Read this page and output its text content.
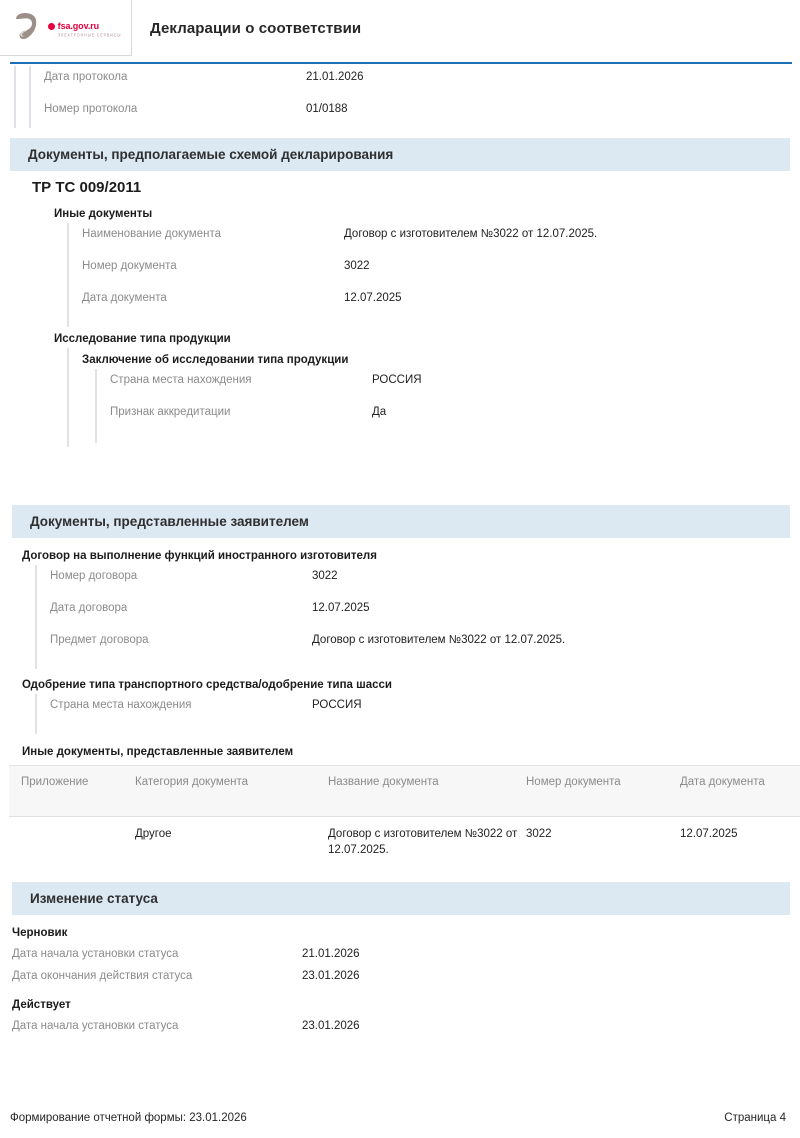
fsa.gov.ru
ЭЛЕКТРОННЫЕ СЕРВИСЫ Декларации о соответствии
Дата протокола	21.01.2026
Номер протокола	01/0188
Документы, предполагаемые схемой декларирования
ТР ТС 009/2011
Иные документы
Наименование документа	Договор с изготовителем №3022 от 12.07.2025.
Номер документа	3022
Дата документа	12.07.2025
Исследование типа продукции
Заключение об исследовании типа продукции
Страна места нахождения	РОССИЯ
Признак аккредитации	Да
Документы, представленные заявителем
Договор на выполнение функций иностранного изготовителя
Номер договора	3022
Дата договора	12.07.2025
Предмет договора	Договор с изготовителем №3022 от 12.07.2025.
Одобрение типа транспортного средства/одобрение типа шасси
Страна места нахождения	РОССИЯ
Иные документы, представленные заявителем
Приложение	Категория документа	Название документа	Номер документа	Дата документа
	Другое	Договор с изготовителем №3022 от 12.07.2025.	3022	12.07.2025
Изменение статуса
Черновик
Дата начала установки статуса	21.01.2026
Дата окончания действия статуса	23.01.2026
Действует
Дата начала установки статуса	23.01.2026
Формирование отчетной формы: 23.01.2026	Страница 4
